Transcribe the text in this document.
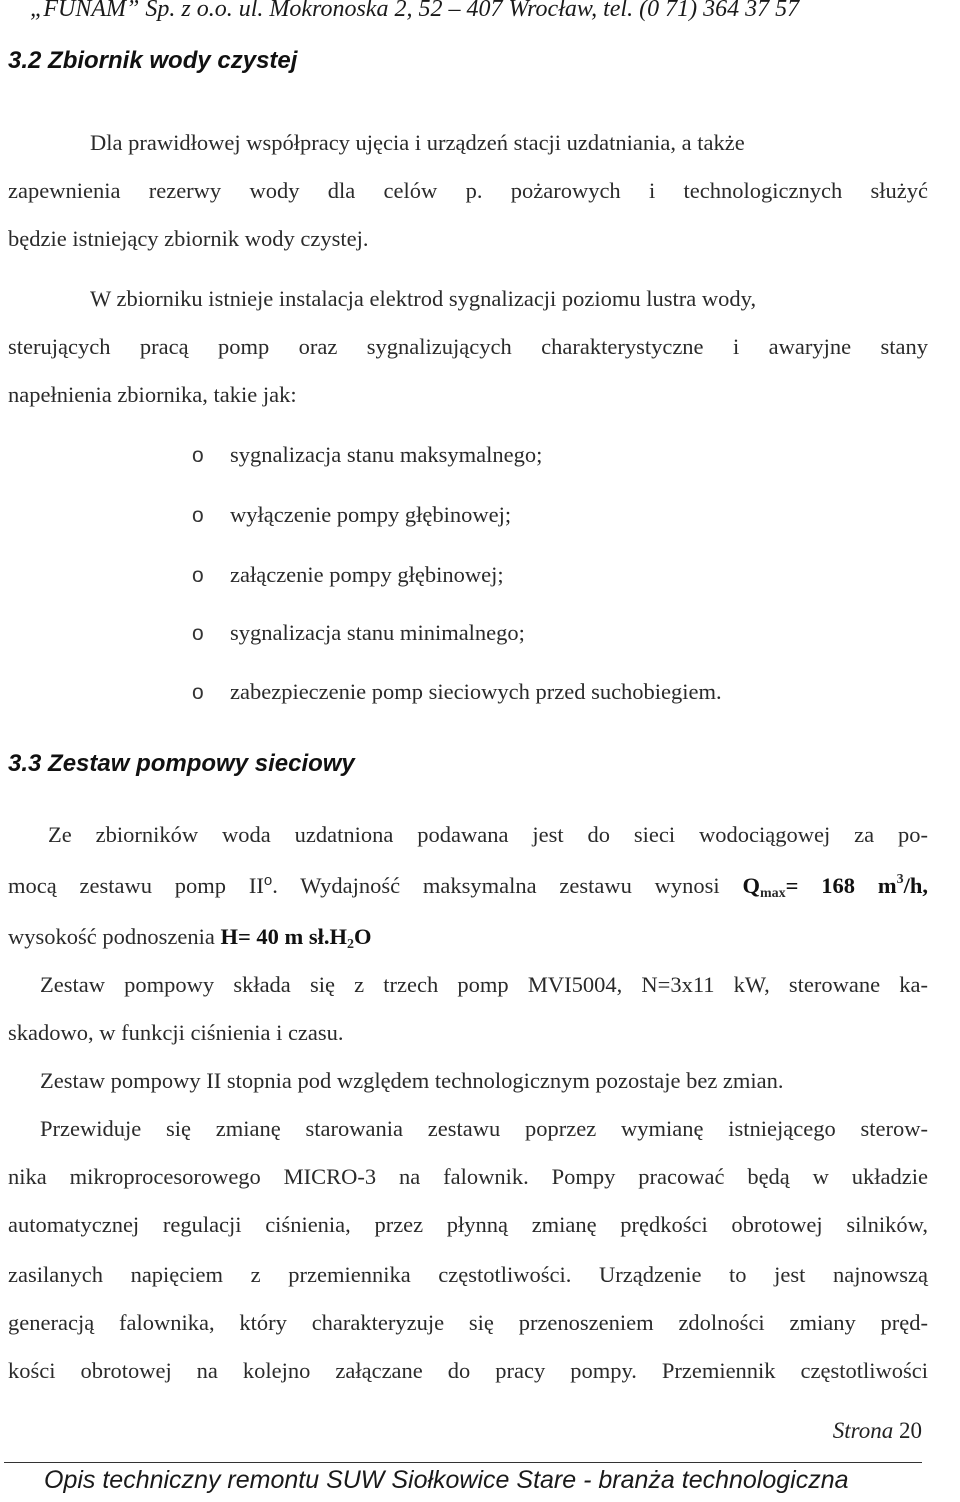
„FUNAM” Sp. z o.o. ul. Mokronoska 2, 52 – 407 Wrocław, tel. (0 71) 364 37 57
3.2 Zbiornik wody czystej
Dla prawidłowej współpracy ujęcia i urządzeń stacji uzdatniania, a także
zapewnienia rezerwy wody dla celów p. pożarowych i technologicznych służyć
będzie istniejący zbiornik wody czystej.
W zbiorniku istnieje instalacja elektrod sygnalizacji poziomu lustra wody,
sterujących pracą pomp oraz sygnalizujących charakterystyczne i awaryjne stany
napełnienia zbiornika, takie jak:
o sygnalizacja stanu maksymalnego;
o wyłączenie pompy głębinowej;
o załączenie pompy głębinowej;
o sygnalizacja stanu minimalnego;
o zabezpieczenie pomp sieciowych przed suchobiegiem.
3.3 Zestaw pompowy sieciowy
Ze zbiorników woda uzdatniona podawana jest do sieci wodociągowej za po-
mocą zestawu pomp $II^o$. Wydajność maksymalna zestawu wynosi $Q_{max}= 168$ $m^3/h$,
wysokość podnoszenia H= 40 m $sł.H_2O$
Zestaw pompowy składa się z trzech pomp MVI5004, N=3x11 kW, sterowane ka-
skadowo, w funkcji ciśnienia i czasu.
Zestaw pompowy II stopnia pod względem technologicznym pozostaje bez zmian.
Przewiduje się zmianę starowania zestawu poprzez wymianę istniejącego sterow-
nika mikroprocesorowego MICRO-3 na falownik. Pompy pracować będą w układzie
automatycznej regulacji ciśnienia, przez płynną zmianę prędkości obrotowej silników,
zasilanych napięciem z przemiennika częstotliwości. Urządzenie to jest najnowszą
generacją falownika, który charakteryzuje się przenoszeniem zdolności zmiany pręd-
kości obrotowej na kolejno załączane do pracy pompy. Przemiennik częstotliwości
Strona 20
Opis techniczny remontu SUW Siołkowice Stare - branża technologiczna
